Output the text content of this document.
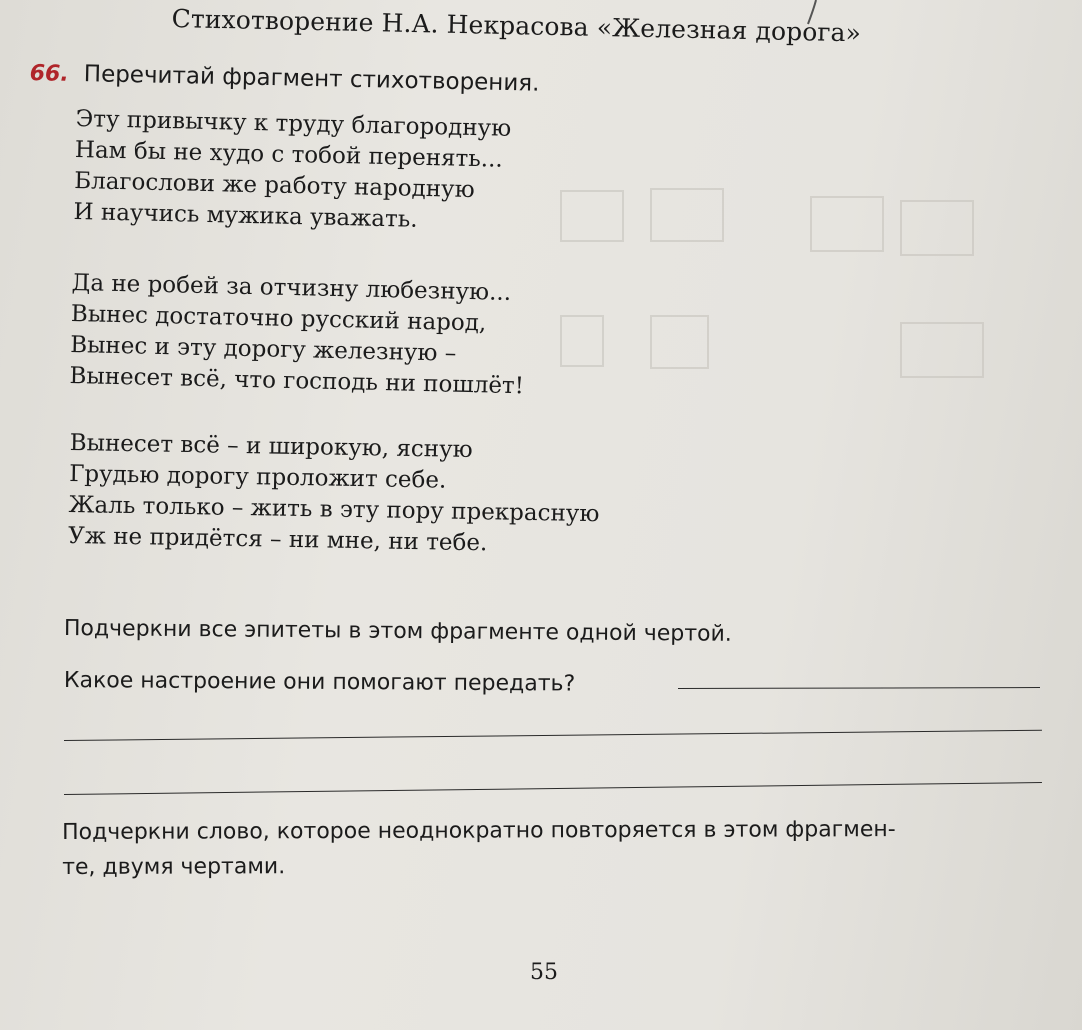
Стихотворение Н.А. Некрасова «Железная дорога»
66. Перечитай фрагмент стихотворения.
Эту привычку к труду благородную
Нам бы не худо с тобой перенять...
Благослови же работу народную
И научись мужика уважать.
Да не робей за отчизну любезную...
Вынес достаточно русский народ,
Вынес и эту дорогу железную –
Вынесет всё, что господь ни пошлёт!
Вынесет всё – и широкую, ясную
Грудью дорогу проложит себе.
Жаль только – жить в эту пору прекрасную
Уж не придётся – ни мне, ни тебе.
Подчеркни все эпитеты в этом фрагменте одной чертой.
Какое настроение они помогают передать?
Подчеркни слово, которое неоднократно повторяется в этом фрагмен-
те, двумя чертами.
55
